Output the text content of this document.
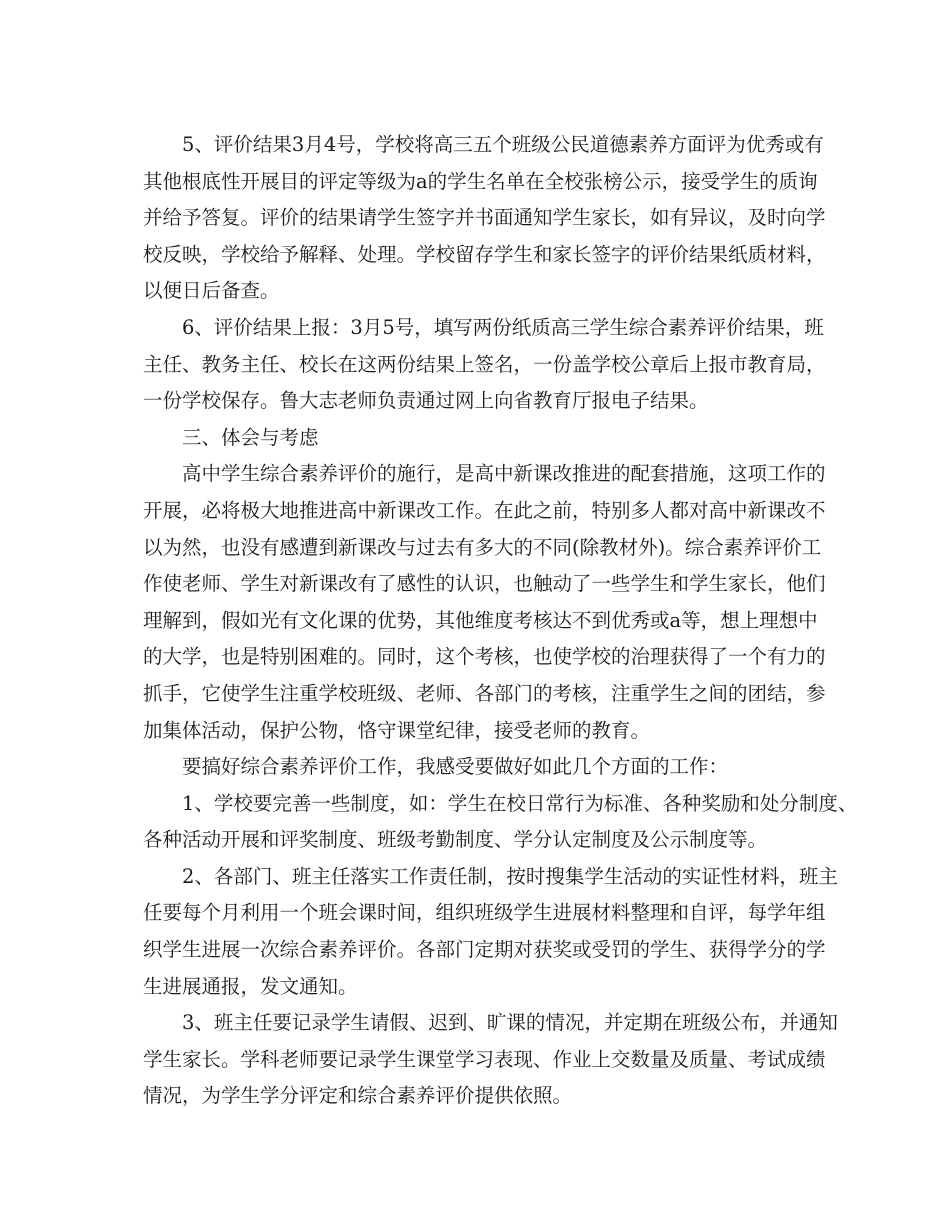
5、评价结果3月4号，学校将高三五个班级公民道德素养方面评为优秀或有
其他根底性开展目的评定等级为a的学生名单在全校张榜公示，接受学生的质询
并给予答复。评价的结果请学生签字并书面通知学生家长，如有异议，及时向学
校反映，学校给予解释、处理。学校留存学生和家长签字的评价结果纸质材料，
以便日后备查。
6、评价结果上报：3月5号，填写两份纸质高三学生综合素养评价结果，班
主任、教务主任、校长在这两份结果上签名，一份盖学校公章后上报市教育局，
一份学校保存。鲁大志老师负责通过网上向省教育厅报电子结果。
三、体会与考虑
高中学生综合素养评价的施行，是高中新课改推进的配套措施，这项工作的
开展，必将极大地推进高中新课改工作。在此之前，特别多人都对高中新课改不
以为然，也没有感遭到新课改与过去有多大的不同(除教材外)。综合素养评价工
作使老师、学生对新课改有了感性的认识，也触动了一些学生和学生家长，他们
理解到，假如光有文化课的优势，其他维度考核达不到优秀或a等，想上理想中
的大学，也是特别困难的。同时，这个考核，也使学校的治理获得了一个有力的
抓手，它使学生注重学校班级、老师、各部门的考核，注重学生之间的团结，参
加集体活动，保护公物，恪守课堂纪律，接受老师的教育。
要搞好综合素养评价工作，我感受要做好如此几个方面的工作：
1、学校要完善一些制度，如：学生在校日常行为标准、各种奖励和处分制度、
各种活动开展和评奖制度、班级考勤制度、学分认定制度及公示制度等。
2、各部门、班主任落实工作责任制，按时搜集学生活动的实证性材料，班主
任要每个月利用一个班会课时间，组织班级学生进展材料整理和自评，每学年组
织学生进展一次综合素养评价。各部门定期对获奖或受罚的学生、获得学分的学
生进展通报，发文通知。
3、班主任要记录学生请假、迟到、旷课的情况，并定期在班级公布，并通知
学生家长。学科老师要记录学生课堂学习表现、作业上交数量及质量、考试成绩
情况，为学生学分评定和综合素养评价提供依照。
